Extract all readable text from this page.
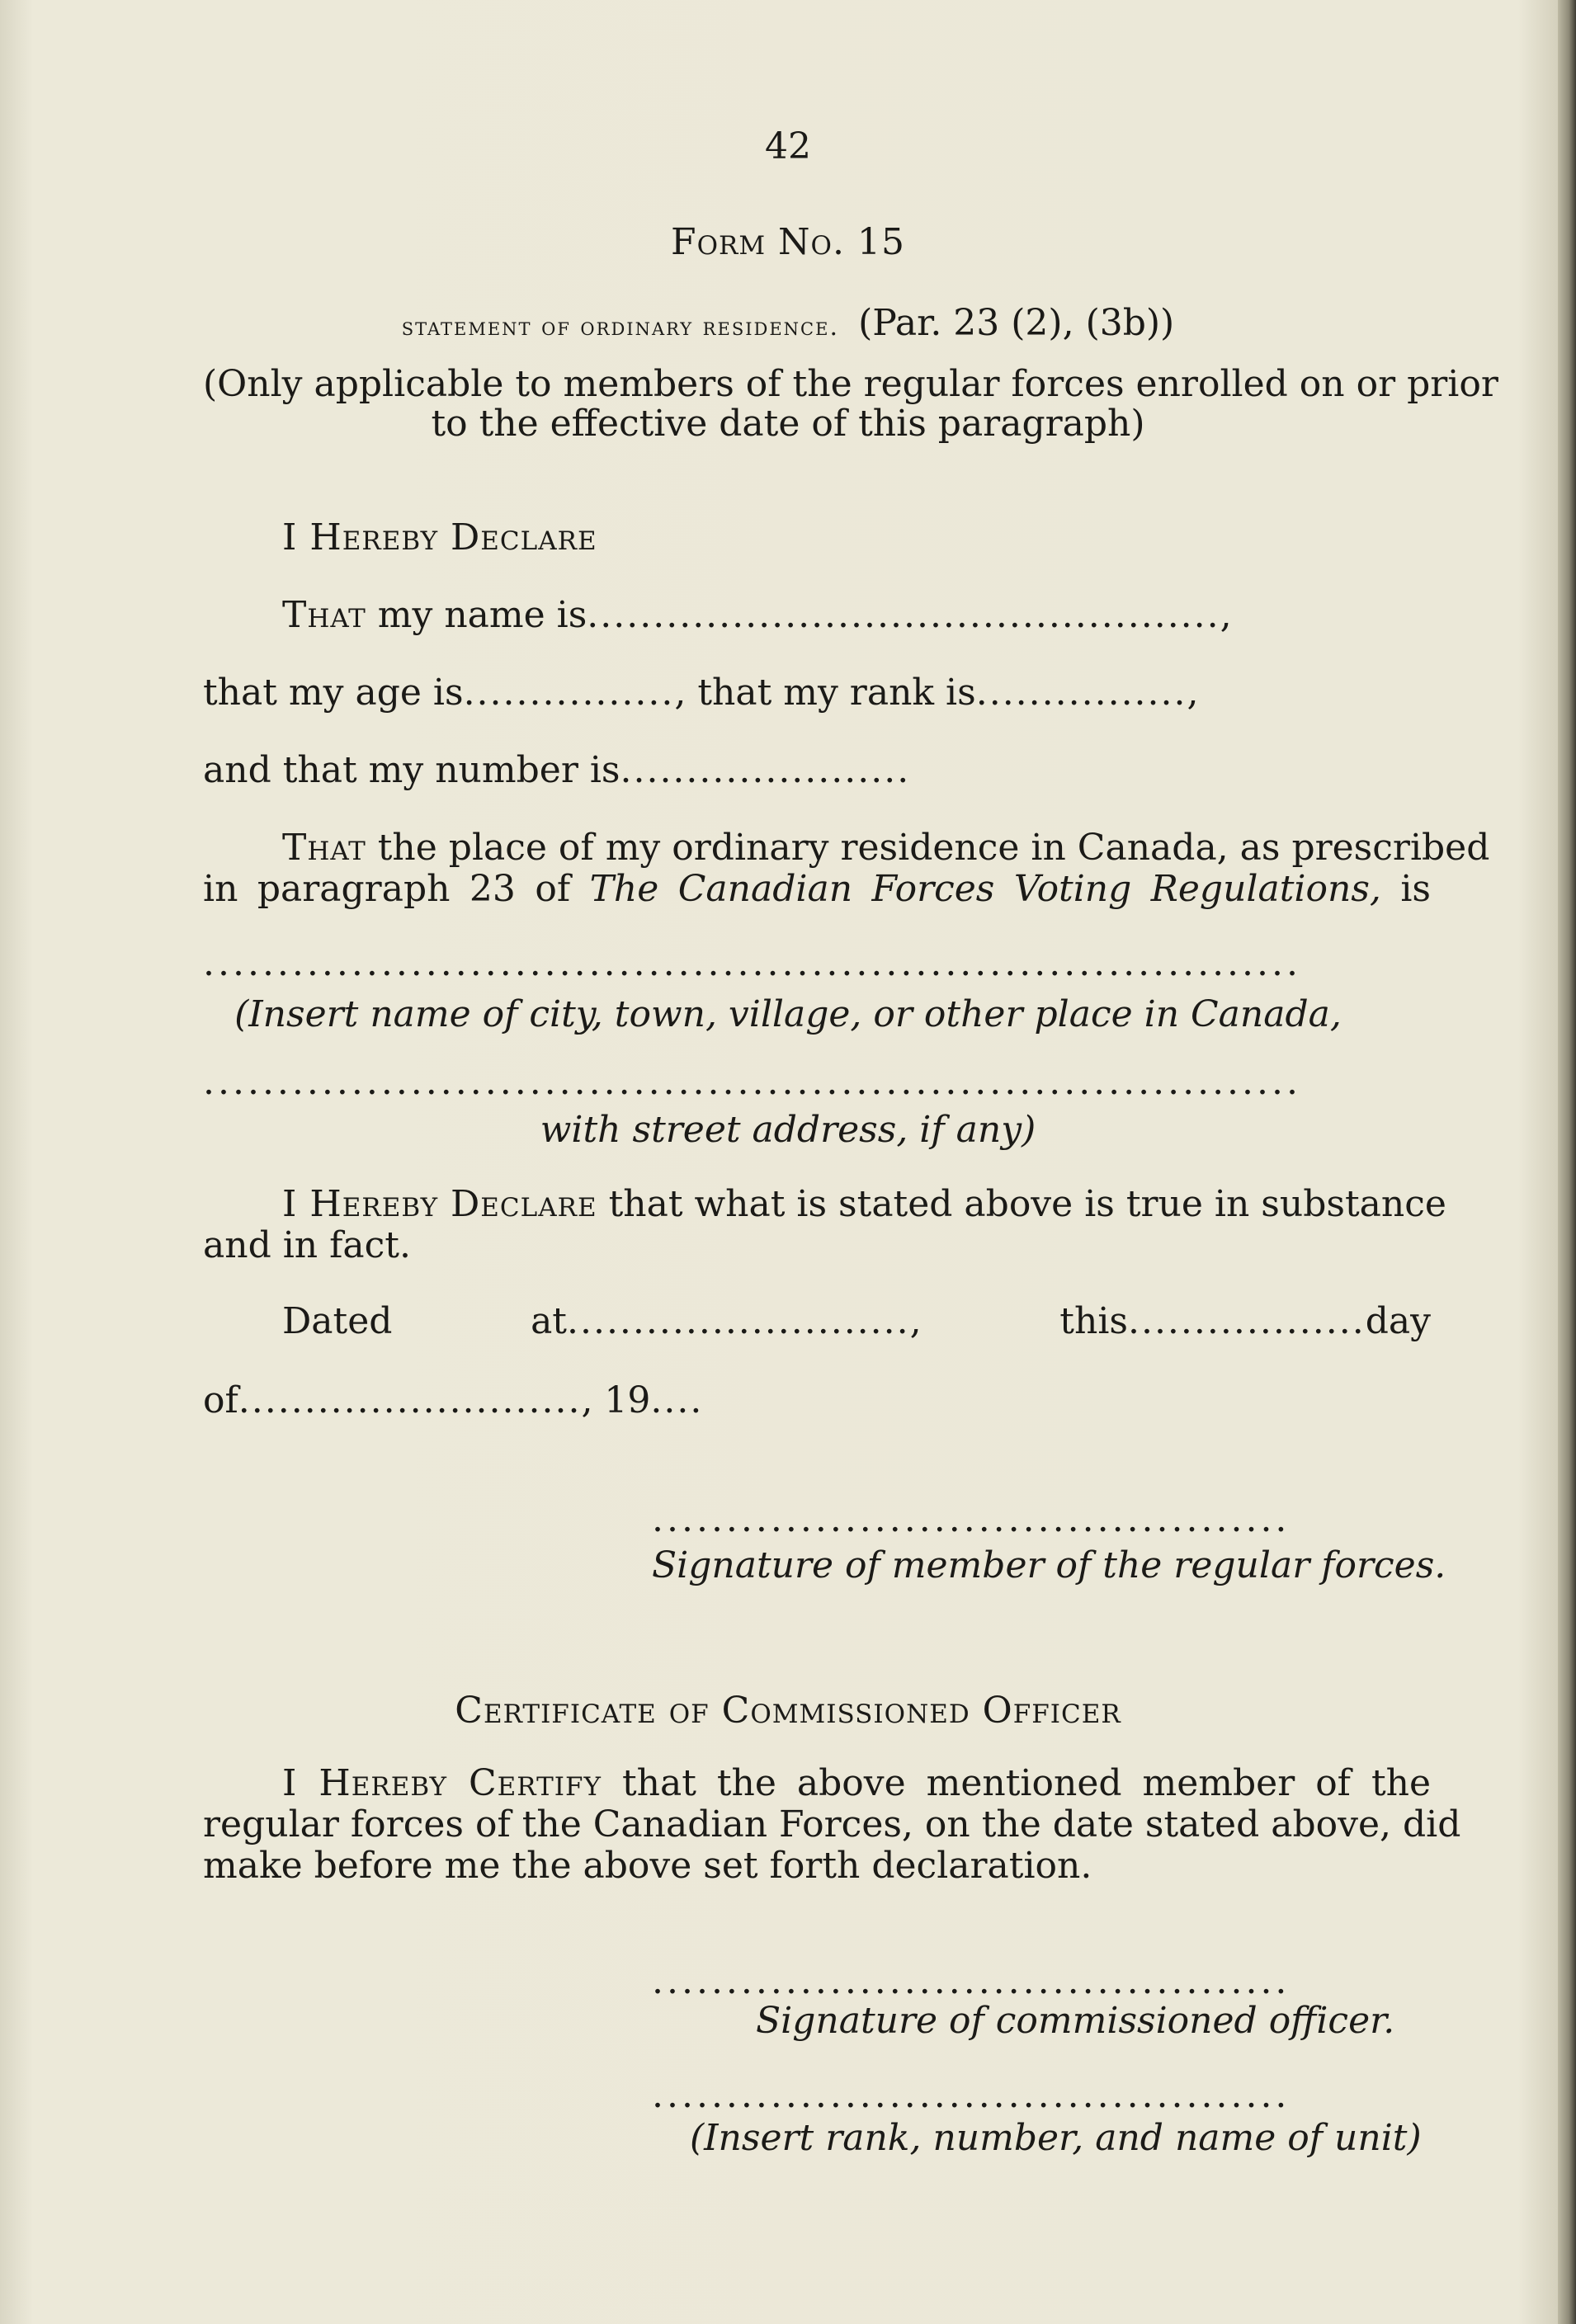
42
Form No. 15
statement of ordinary residence. (Par. 23 (2), (3b))
(Only applicable to members of the regular forces enrolled on or prior
to the effective date of this paragraph)
I Hereby Declare
That my name is................................................,
that my age is................, that my rank is................,
and that my number is......................
That the place of my ordinary residence in Canada, as prescribed
in paragraph 23 of The Canadian Forces Voting Regulations, is
..........................................................................
(Insert name of city, town, village, or other place in Canada,
..........................................................................
with street address, if any)
I Hereby Declare that what is stated above is true in substance
and in fact.
Dated at.........................., this..................day
of.........................., 19....
...........................................
Signature of member of the regular forces.
Certificate of Commissioned Officer
I Hereby Certify that the above mentioned member of the
regular forces of the Canadian Forces, on the date stated above, did
make before me the above set forth declaration.
...........................................
Signature of commissioned officer.
...........................................
(Insert rank, number, and name of unit)
